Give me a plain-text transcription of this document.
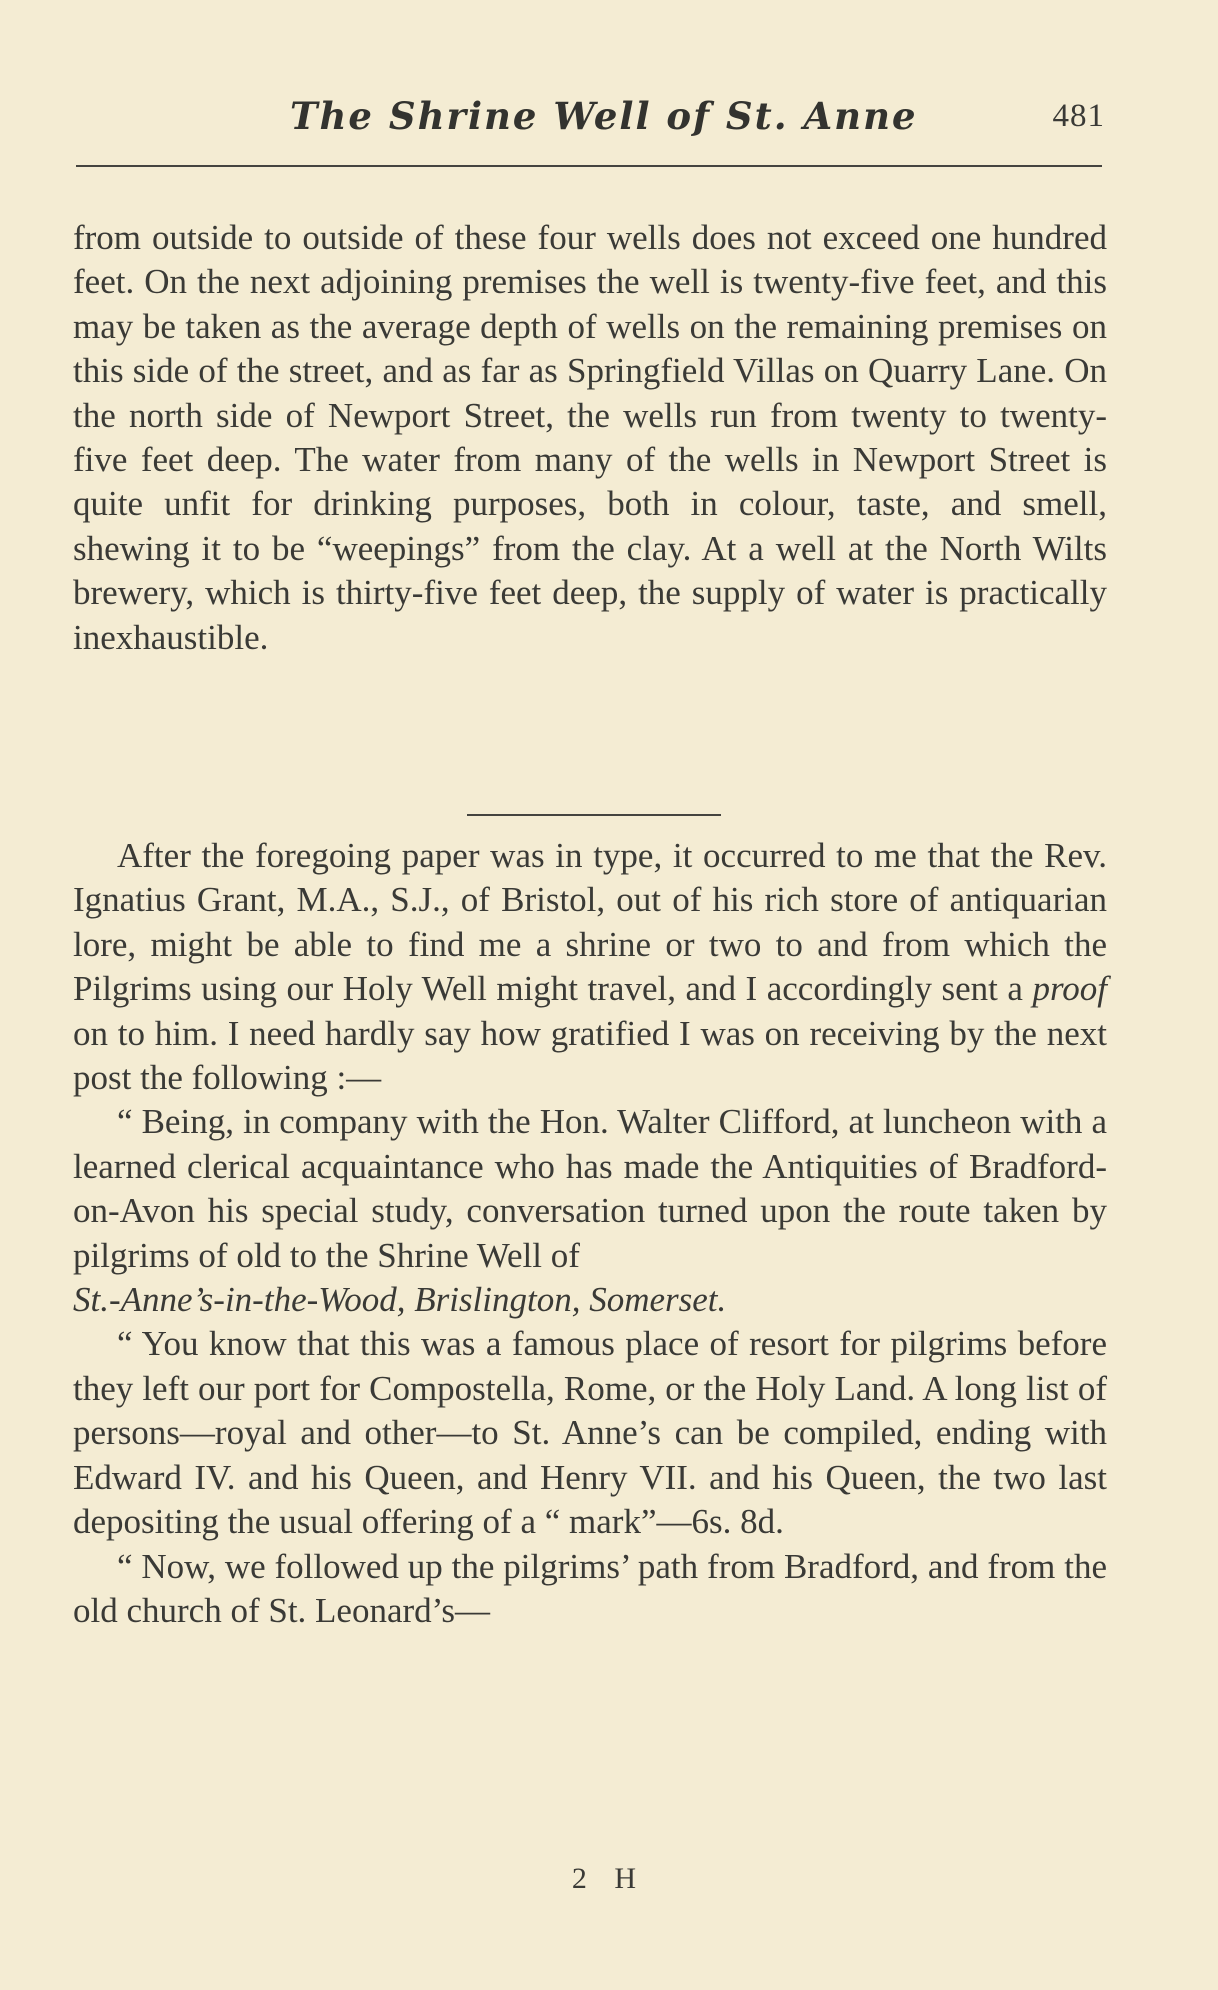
The Shrine Well of St. Anne	481

from outside to outside of these four wells does not exceed one hundred feet. On the next adjoining premises the well is twenty-five feet, and this may be taken as the average depth of wells on the remaining premises on this side of the street, and as far as Springfield Villas on Quarry Lane. On the north side of Newport Street, the wells run from twenty to twenty-five feet deep. The water from many of the wells in Newport Street is quite unfit for drinking purposes, both in colour, taste, and smell, shewing it to be “weepings” from the clay. At a well at the North Wilts brewery, which is thirty-five feet deep, the supply of water is practically inexhaustible.

After the foregoing paper was in type, it occurred to me that the Rev. Ignatius Grant, M.A., S.J., of Bristol, out of his rich store of antiquarian lore, might be able to find me a shrine or two to and from which the Pilgrims using our Holy Well might travel, and I accordingly sent a proof on to him. I need hardly say how gratified I was on receiving by the next post the following :—

“ Being, in company with the Hon. Walter Clifford, at luncheon with a learned clerical acquaintance who has made the Antiquities of Bradford-on-Avon his special study, conversation turned upon the route taken by pilgrims of old to the Shrine Well of

St.-Anne’s-in-the-Wood, Brislington, Somerset.

“ You know that this was a famous place of resort for pilgrims before they left our port for Compostella, Rome, or the Holy Land. A long list of persons—royal and other—to St. Anne’s can be compiled, ending with Edward IV. and his Queen, and Henry VII. and his Queen, the two last depositing the usual offering of a “ mark”—6s. 8d.

“ Now, we followed up the pilgrims’ path from Bradford, and from the old church of St. Leonard’s—

2 H
